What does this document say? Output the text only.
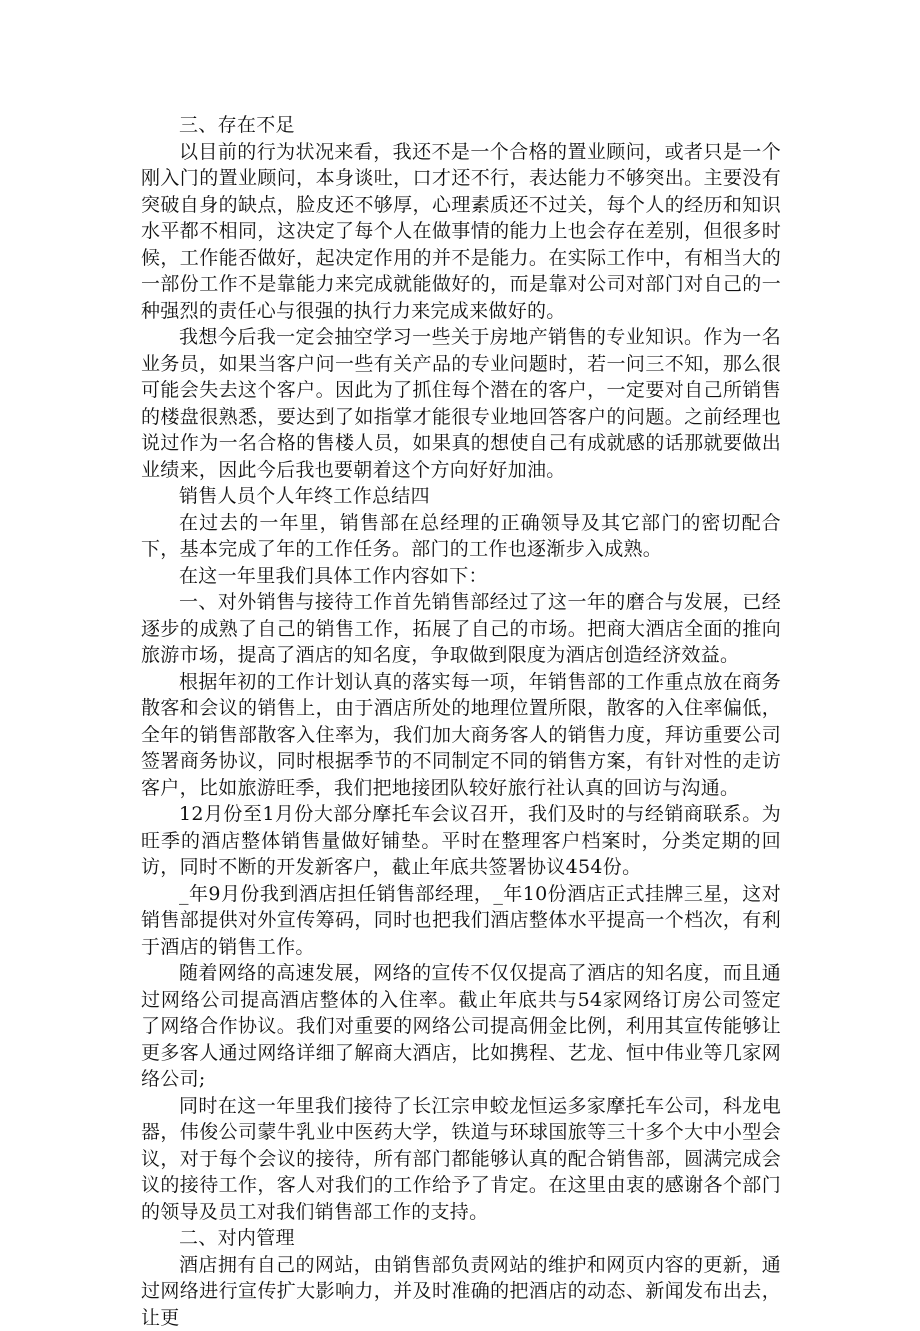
三、存在不足

以目前的行为状况来看，我还不是一个合格的置业顾问，或者只是一个刚入门的置业顾问，本身谈吐，口才还不行，表达能力不够突出。主要没有突破自身的缺点，脸皮还不够厚，心理素质还不过关，每个人的经历和知识水平都不相同，这决定了每个人在做事情的能力上也会存在差别，但很多时候，工作能否做好，起决定作用的并不是能力。在实际工作中，有相当大的一部份工作不是靠能力来完成就能做好的，而是靠对公司对部门对自己的一种强烈的责任心与很强的执行力来完成来做好的。

我想今后我一定会抽空学习一些关于房地产销售的专业知识。作为一名业务员，如果当客户问一些有关产品的专业问题时，若一问三不知，那么很可能会失去这个客户。因此为了抓住每个潜在的客户，一定要对自己所销售的楼盘很熟悉，要达到了如指掌才能很专业地回答客户的问题。之前经理也说过作为一名合格的售楼人员，如果真的想使自己有成就感的话那就要做出业绩来，因此今后我也要朝着这个方向好好加油。

销售人员个人年终工作总结四

在过去的一年里，销售部在总经理的正确领导及其它部门的密切配合下，基本完成了年的工作任务。部门的工作也逐渐步入成熟。

在这一年里我们具体工作内容如下：

一、对外销售与接待工作首先销售部经过了这一年的磨合与发展，已经逐步的成熟了自己的销售工作，拓展了自己的市场。把商大酒店全面的推向旅游市场，提高了酒店的知名度，争取做到限度为酒店创造经济效益。

根据年初的工作计划认真的落实每一项，年销售部的工作重点放在商务散客和会议的销售上，由于酒店所处的地理位置所限，散客的入住率偏低，全年的销售部散客入住率为，我们加大商务客人的销售力度，拜访重要公司签署商务协议，同时根据季节的不同制定不同的销售方案，有针对性的走访客户，比如旅游旺季，我们把地接团队较好旅行社认真的回访与沟通。

12月份至1月份大部分摩托车会议召开，我们及时的与经销商联系。为旺季的酒店整体销售量做好铺垫。平时在整理客户档案时，分类定期的回访，同时不断的开发新客户，截止年底共签署协议454份。

_年9月份我到酒店担任销售部经理，_年10份酒店正式挂牌三星，这对销售部提供对外宣传筹码，同时也把我们酒店整体水平提高一个档次，有利于酒店的销售工作。

随着网络的高速发展，网络的宣传不仅仅提高了酒店的知名度，而且通过网络公司提高酒店整体的入住率。截止年底共与54家网络订房公司签定了网络合作协议。我们对重要的网络公司提高佣金比例，利用其宣传能够让更多客人通过网络详细了解商大酒店，比如携程、艺龙、恒中伟业等几家网络公司;

同时在这一年里我们接待了长江宗申蛟龙恒运多家摩托车公司，科龙电器，伟俊公司蒙牛乳业中医药大学，铁道与环球国旅等三十多个大中小型会议，对于每个会议的接待，所有部门都能够认真的配合销售部，圆满完成会议的接待工作，客人对我们的工作给予了肯定。在这里由衷的感谢各个部门的领导及员工对我们销售部工作的支持。

二、对内管理

酒店拥有自己的网站，由销售部负责网站的维护和网页内容的更新，通过网络进行宣传扩大影响力，并及时准确的把酒店的动态、新闻发布出去，让更
